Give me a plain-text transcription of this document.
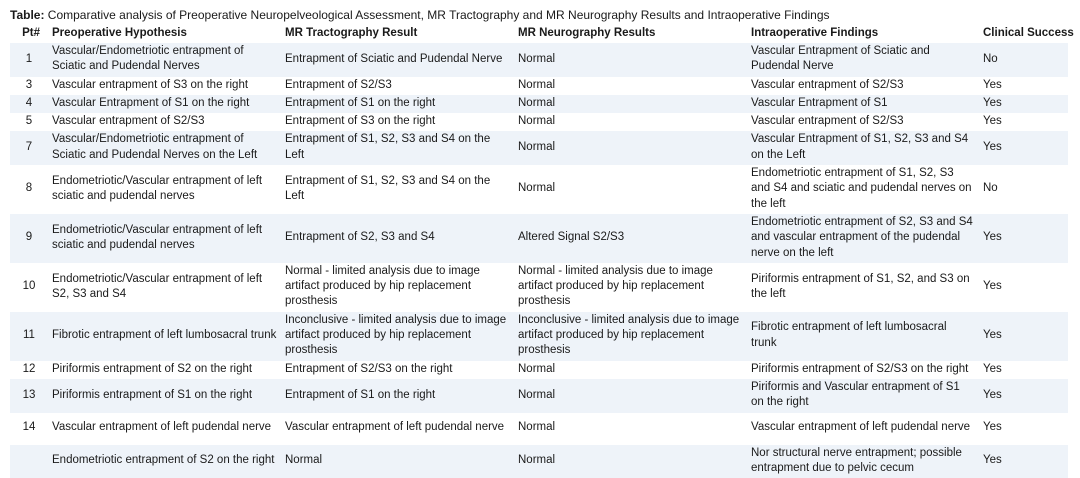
Table: Comparative analysis of Preoperative Neuropelveological Assessment, MR Tractography and MR Neurography Results and Intraoperative Findings
Pt#	Preoperative Hypothesis	MR Tractography Result	MR Neurography Results	Intraoperative Findings	Clinical Success
1	Vascular/Endometriotic entrapment of Sciatic and Pudendal Nerves	Entrapment of Sciatic and Pudendal Nerve	Normal	Vascular Entrapment of Sciatic and Pudendal Nerve	No
3	Vascular entrapment of S3 on the right	Entrapment of S2/S3	Normal	Vascular entrapment of S2/S3	Yes
4	Vascular Entrapment of S1 on the right	Entrapment of S1 on the right	Normal	Vascular Entrapment of S1	Yes
5	Vascular entrapment of S2/S3	Entrapment of S3 on the right	Normal	Vascular entrapment of S2/S3	Yes
7	Vascular/Endometriotic entrapment of Sciatic and Pudendal Nerves on the Left	Entrapment of S1, S2, S3 and S4 on the Left	Normal	Vascular Entrapment of S1, S2, S3 and S4 on the Left	Yes
8	Endometriotic/Vascular entrapment of left sciatic and pudendal nerves	Entrapment of S1, S2, S3 and S4 on the Left	Normal	Endometriotic entrapment of S1, S2, S3 and S4 and sciatic and pudendal nerves on the left	No
9	Endometriotic/Vascular entrapment of left sciatic and pudendal nerves	Entrapment of S2, S3 and S4	Altered Signal S2/S3	Endometriotic entrapment of S2, S3 and S4 and vascular entrapment of the pudendal nerve on the left	Yes
10	Endometriotic/Vascular entrapment of left S2, S3 and S4	Normal - limited analysis due to image artifact produced by hip replacement prosthesis	Normal - limited analysis due to image artifact produced by hip replacement prosthesis	Piriformis entrapment of S1, S2, and S3 on the left	Yes
11	Fibrotic entrapment of left lumbosacral trunk	Inconclusive - limited analysis due to image artifact produced by hip replacement prosthesis	Inconclusive - limited analysis due to image artifact produced by hip replacement prosthesis	Fibrotic entrapment of left lumbosacral trunk	Yes
12	Piriformis entrapment of S2 on the right	Entrapment of S2/S3 on the right	Normal	Piriformis entrapment of S2/S3 on the right	Yes
13	Piriformis entrapment of S1 on the right	Entrapment of S1 on the right	Normal	Piriformis and Vascular entrapment of S1 on the right	Yes
14	Vascular entrapment of left pudendal nerve	Vascular entrapment of left pudendal nerve	Normal	Vascular entrapment of left pudendal nerve	Yes
	Endometriotic entrapment of S2 on the right	Normal	Normal	Nor structural nerve entrapment; possible entrapment due to pelvic cecum	Yes
